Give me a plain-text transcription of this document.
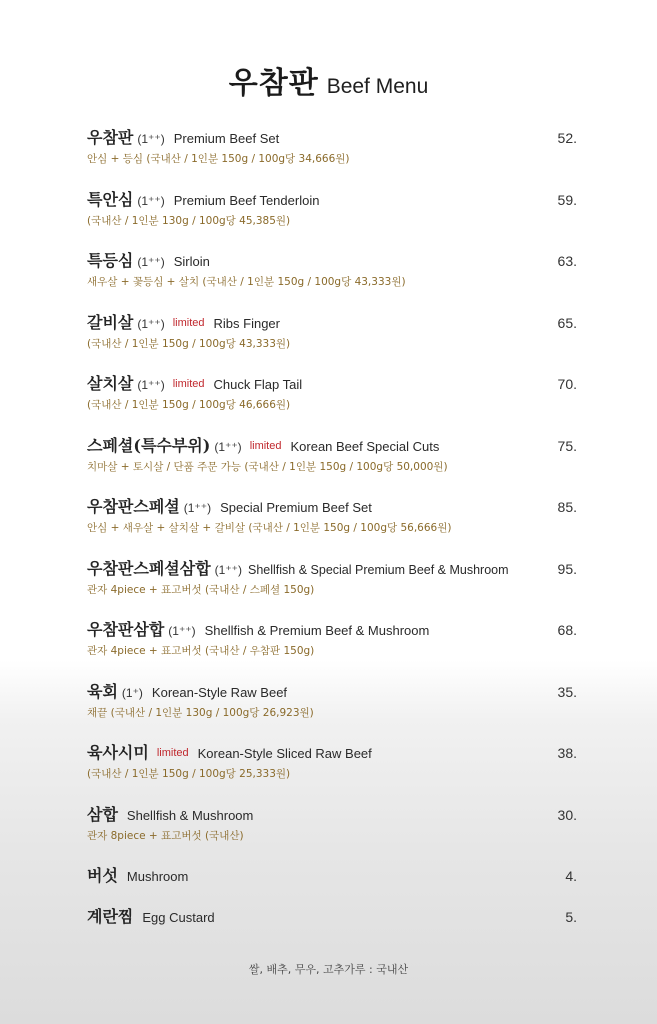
우참판 Beef Menu
우참판 (1⁺⁺) Premium Beef Set	52.
안심 + 등심 (국내산 / 1인분 150g / 100g당 34,666원)
특안심 (1⁺⁺) Premium Beef Tenderloin	59.
(국내산 / 1인분 130g / 100g당 45,385원)
특등심 (1⁺⁺) Sirloin	63.
새우살 + 꽃등심 + 살치 (국내산 / 1인분 150g / 100g당 43,333원)
갈비살 (1⁺⁺) limited Ribs Finger	65.
(국내산 / 1인분 150g / 100g당 43,333원)
살치살 (1⁺⁺) limited Chuck Flap Tail	70.
(국내산 / 1인분 150g / 100g당 46,666원)
스페셜(특수부위) (1⁺⁺) limited Korean Beef Special Cuts	75.
치마살 + 토시살 / 단품 주문 가능 (국내산 / 1인분 150g / 100g당 50,000원)
우참판스페셜 (1⁺⁺) Special Premium Beef Set	85.
안심 + 새우살 + 살치살 + 갈비살 (국내산 / 1인분 150g / 100g당 56,666원)
우참판스페셜삼합 (1⁺⁺) Shellfish & Special Premium Beef & Mushroom	95.
관자 4piece + 표고버섯 (국내산 / 스페셜 150g)
우참판삼합 (1⁺⁺) Shellfish & Premium Beef & Mushroom	68.
관자 4piece + 표고버섯 (국내산 / 우참판 150g)
육회 (1⁺) Korean-Style Raw Beef	35.
채끝 (국내산 / 1인분 130g / 100g당 26,923원)
육사시미 limited Korean-Style Sliced Raw Beef	38.
(국내산 / 1인분 150g / 100g당 25,333원)
삼합 Shellfish & Mushroom	30.
관자 8piece + 표고버섯 (국내산)
버섯 Mushroom	4.
계란찜 Egg Custard	5.
쌀, 배추, 무우, 고추가루 : 국내산
